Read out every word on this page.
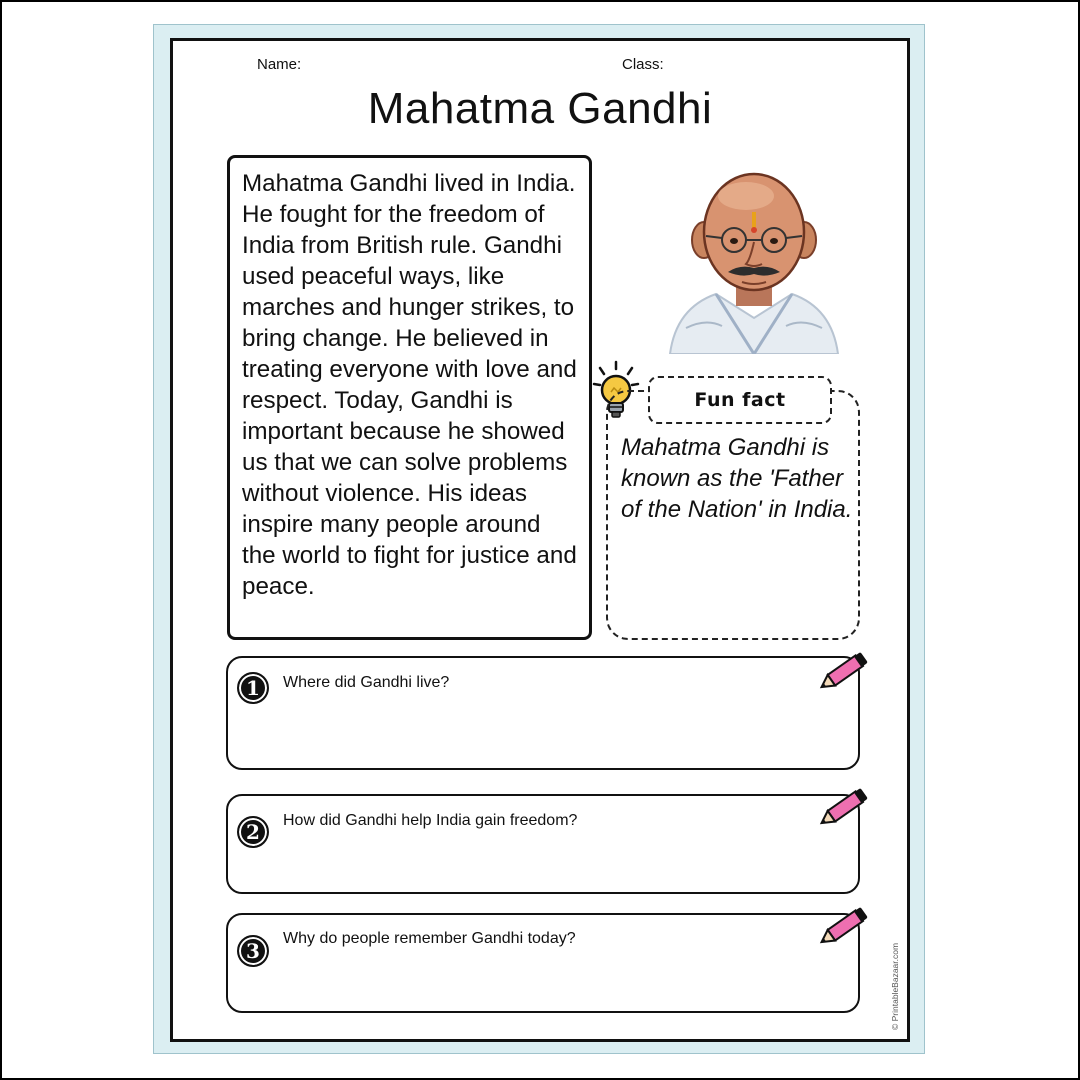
Name:	Class:
Mahatma Gandhi
Mahatma Gandhi lived in India. He fought for the freedom of India from British rule. Gandhi used peaceful ways, like marches and hunger strikes, to bring change. He believed in treating everyone with love and respect. Today, Gandhi is important because he showed us that we can solve problems without violence. His ideas inspire many people around the world to fight for justice and peace.
Fun fact
Mahatma Gandhi is known as the 'Father of the Nation' in India.
1	Where did Gandhi live?
2	How did Gandhi help India gain freedom?
3
Why do people remember Gandhi today?
© PrintableBazaar.com
